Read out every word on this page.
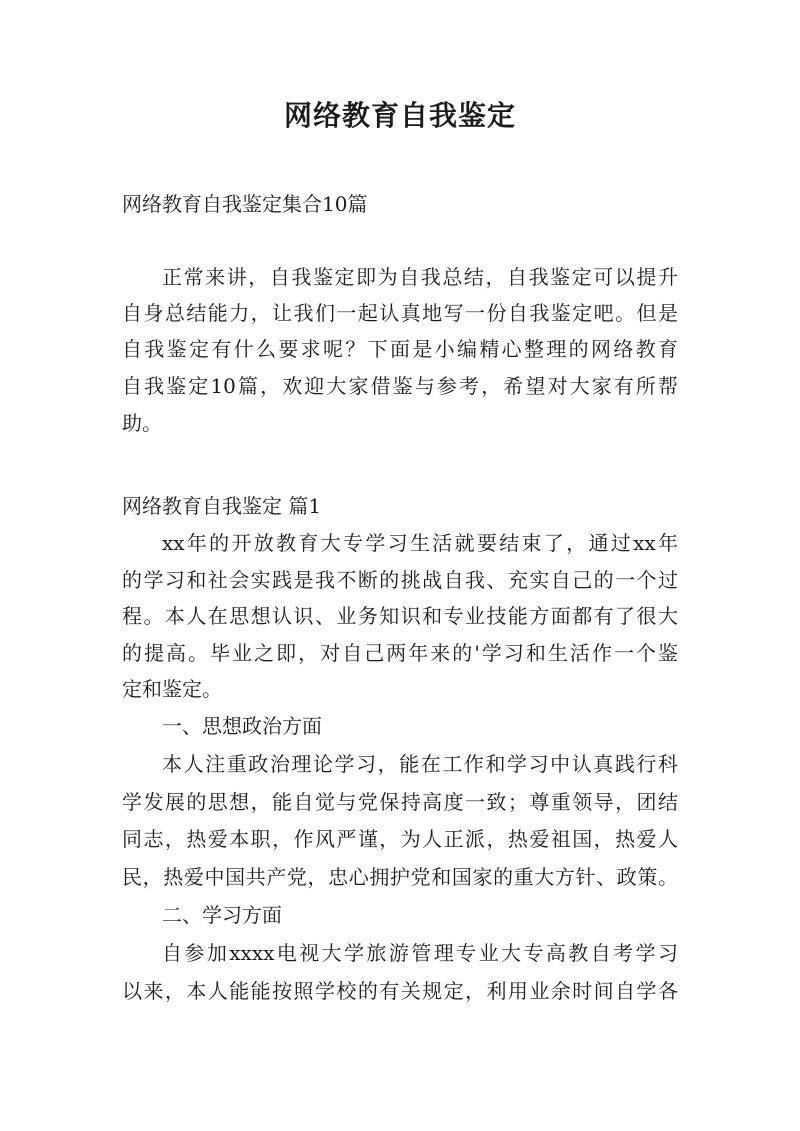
网络教育自我鉴定
网络教育自我鉴定集合10篇
正常来讲，自我鉴定即为自我总结，自我鉴定可以提升
自身总结能力，让我们一起认真地写一份自我鉴定吧。但是
自我鉴定有什么要求呢？下面是小编精心整理的网络教育
自我鉴定10篇，欢迎大家借鉴与参考，希望对大家有所帮
助。
网络教育自我鉴定 篇1
xx年的开放教育大专学习生活就要结束了，通过xx年
的学习和社会实践是我不断的挑战自我、充实自己的一个过
程。本人在思想认识、业务知识和专业技能方面都有了很大
的提高。毕业之即，对自己两年来的'学习和生活作一个鉴
定和鉴定。
一、思想政治方面
本人注重政治理论学习，能在工作和学习中认真践行科
学发展的思想，能自觉与党保持高度一致；尊重领导，团结
同志，热爱本职，作风严谨，为人正派，热爱祖国，热爱人
民，热爱中国共产党，忠心拥护党和国家的重大方针、政策。
二、学习方面
自参加xxxx电视大学旅游管理专业大专高教自考学习
以来，本人能能按照学校的有关规定，利用业余时间自学各
